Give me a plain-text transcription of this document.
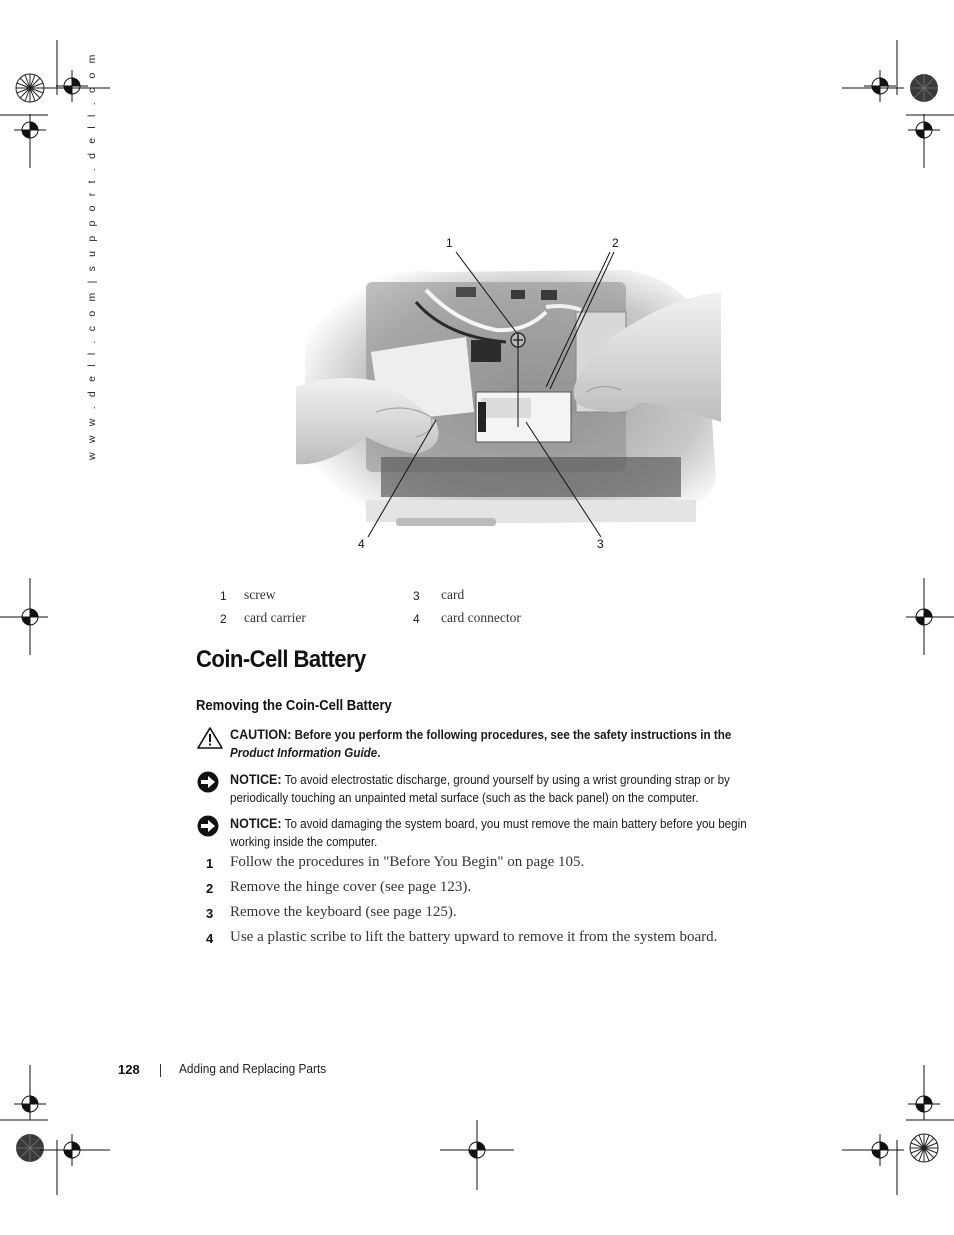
w w w . d e l l . c o m | s u p p o r t . d e l l . c o m	1	2
4	3
1	screw	3	card
2	card carrier	4	card connector
Coin-Cell Battery
Removing the Coin-Cell Battery
CAUTION: Before you perform the following procedures, see the safety instructions in the Product Information Guide.
NOTICE: To avoid electrostatic discharge, ground yourself by using a wrist grounding strap or by periodically touching an unpainted metal surface (such as the back panel) on the computer.
NOTICE: To avoid damaging the system board, you must remove the main battery before you begin working inside the computer.
1 Follow the procedures in "Before You Begin" on page 105.
2 Remove the hinge cover (see page 123).
3 Remove the keyboard (see page 125).
4 Use a plastic scribe to lift the battery upward to remove it from the system board.
128	Adding and Replacing Parts
